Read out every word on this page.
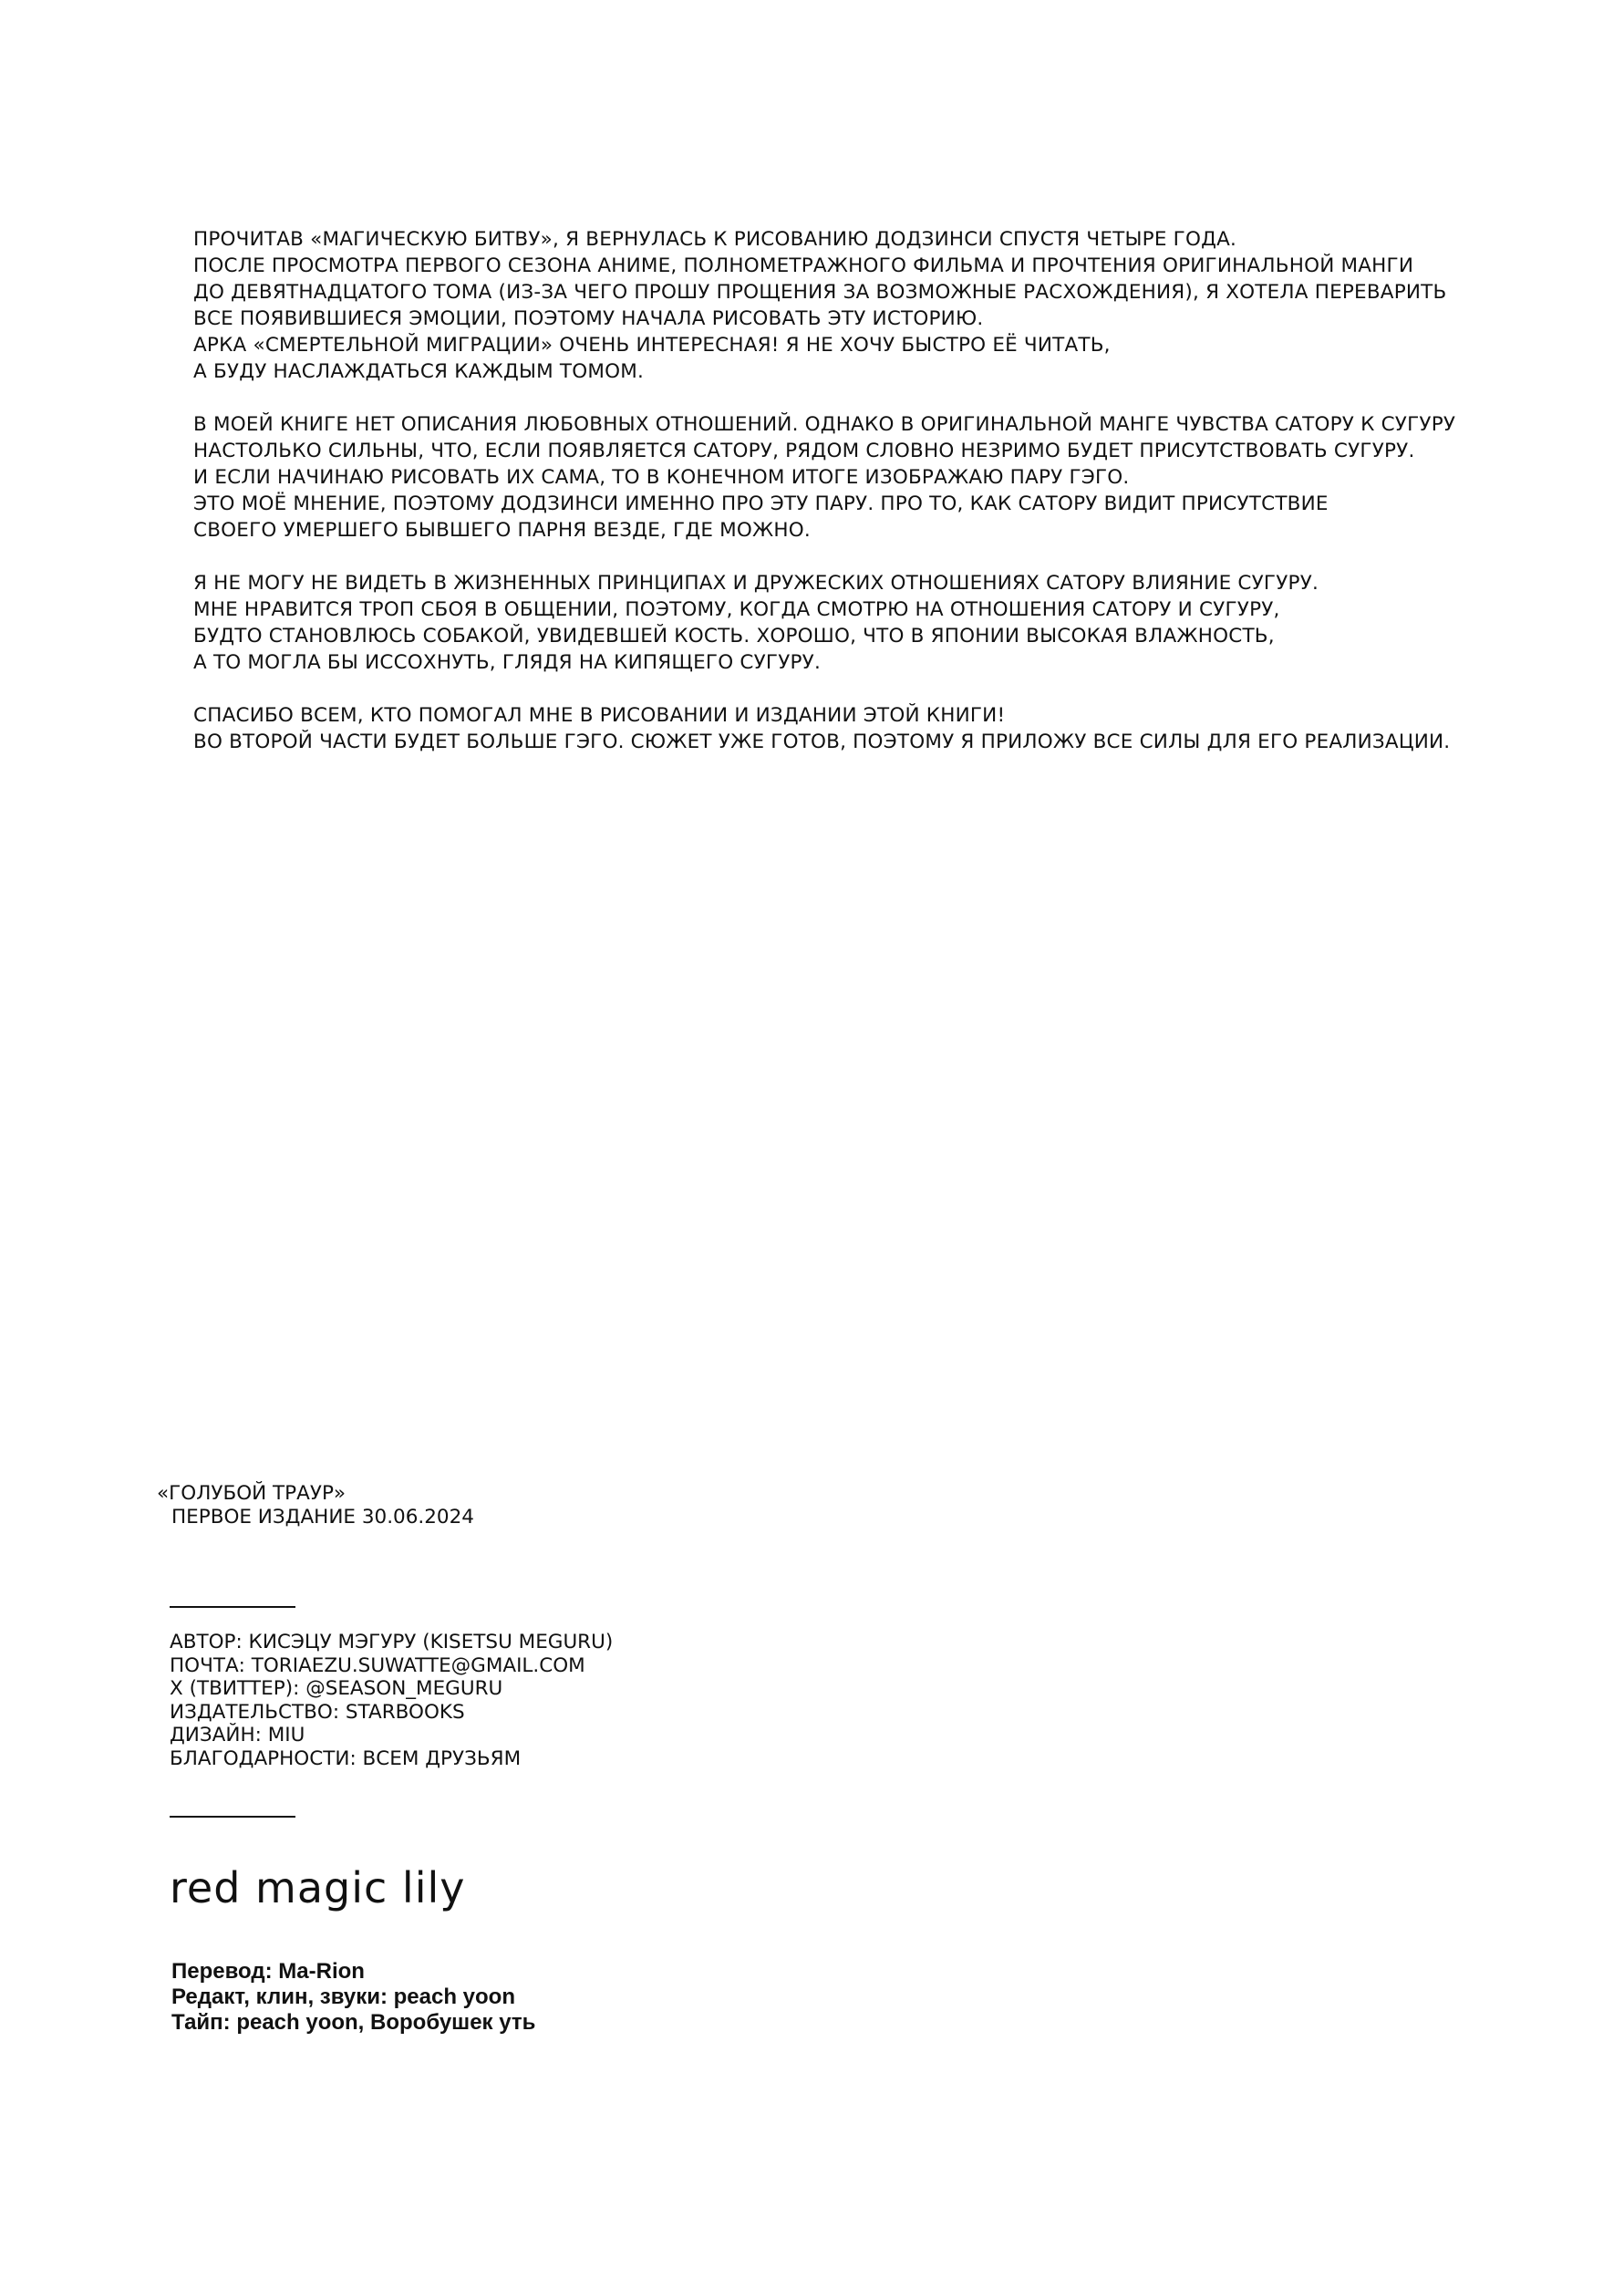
ПРОЧИТАВ «МАГИЧЕСКУЮ БИТВУ», Я ВЕРНУЛАСЬ К РИСОВАНИЮ ДОДЗИНСИ СПУСТЯ ЧЕТЫРЕ ГОДА.
ПОСЛЕ ПРОСМОТРА ПЕРВОГО СЕЗОНА АНИМЕ, ПОЛНОМЕТРАЖНОГО ФИЛЬМА И ПРОЧТЕНИЯ ОРИГИНАЛЬНОЙ МАНГИ
ДО ДЕВЯТНАДЦАТОГО ТОМА (ИЗ-ЗА ЧЕГО ПРОШУ ПРОЩЕНИЯ ЗА ВОЗМОЖНЫЕ РАСХОЖДЕНИЯ), Я ХОТЕЛА ПЕРЕВАРИТЬ
ВСЕ ПОЯВИВШИЕСЯ ЭМОЦИИ, ПОЭТОМУ НАЧАЛА РИСОВАТЬ ЭТУ ИСТОРИЮ.
АРКА «СМЕРТЕЛЬНОЙ МИГРАЦИИ» ОЧЕНЬ ИНТЕРЕСНАЯ! Я НЕ ХОЧУ БЫСТРО ЕЁ ЧИТАТЬ,
А БУДУ НАСЛАЖДАТЬСЯ КАЖДЫМ ТОМОМ.
В МОЕЙ КНИГЕ НЕТ ОПИСАНИЯ ЛЮБОВНЫХ ОТНОШЕНИЙ. ОДНАКО В ОРИГИНАЛЬНОЙ МАНГЕ ЧУВСТВА САТОРУ К СУГУРУ
НАСТОЛЬКО СИЛЬНЫ, ЧТО, ЕСЛИ ПОЯВЛЯЕТСЯ САТОРУ, РЯДОМ СЛОВНО НЕЗРИМО БУДЕТ ПРИСУТСТВОВАТЬ СУГУРУ.
И ЕСЛИ НАЧИНАЮ РИСОВАТЬ ИХ САМА, ТО В КОНЕЧНОМ ИТОГЕ ИЗОБРАЖАЮ ПАРУ ГЭГО.
ЭТО МОЁ МНЕНИЕ, ПОЭТОМУ ДОДЗИНСИ ИМЕННО ПРО ЭТУ ПАРУ. ПРО ТО, КАК САТОРУ ВИДИТ ПРИСУТСТВИЕ
СВОЕГО УМЕРШЕГО БЫВШЕГО ПАРНЯ ВЕЗДЕ, ГДЕ МОЖНО.
Я НЕ МОГУ НЕ ВИДЕТЬ В ЖИЗНЕННЫХ ПРИНЦИПАХ И ДРУЖЕСКИХ ОТНОШЕНИЯХ САТОРУ ВЛИЯНИЕ СУГУРУ.
МНЕ НРАВИТСЯ ТРОП СБОЯ В ОБЩЕНИИ, ПОЭТОМУ, КОГДА СМОТРЮ НА ОТНОШЕНИЯ САТОРУ И СУГУРУ,
БУДТО СТАНОВЛЮСЬ СОБАКОЙ, УВИДЕВШЕЙ КОСТЬ. ХОРОШО, ЧТО В ЯПОНИИ ВЫСОКАЯ ВЛАЖНОСТЬ,
А ТО МОГЛА БЫ ИССОХНУТЬ, ГЛЯДЯ НА КИПЯЩЕГО СУГУРУ.
СПАСИБО ВСЕМ, КТО ПОМОГАЛ МНЕ В РИСОВАНИИ И ИЗДАНИИ ЭТОЙ КНИГИ!
ВО ВТОРОЙ ЧАСТИ БУДЕТ БОЛЬШЕ ГЭГО. СЮЖЕТ УЖЕ ГОТОВ, ПОЭТОМУ Я ПРИЛОЖУ ВСЕ СИЛЫ ДЛЯ ЕГО РЕАЛИЗАЦИИ.
«ГОЛУБОЙ ТРАУР»
ПЕРВОЕ ИЗДАНИЕ 30.06.2024
АВТОР: КИСЭЦУ МЭГУРУ (KISETSU MEGURU)
ПОЧТА: TORIAEZU.SUWATTE@GMAIL.COM
X (ТВИТТЕР): @SEASON_MEGURU
ИЗДАТЕЛЬСТВО: STARBOOKS
ДИЗАЙН: MIU
БЛАГОДАРНОСТИ: ВСЕМ ДРУЗЬЯМ
red magic lily
Перевод: Ma-Rion
Редакт, клин, звуки: peach yoon
Тайп: peach yoon, Воробушек уть
